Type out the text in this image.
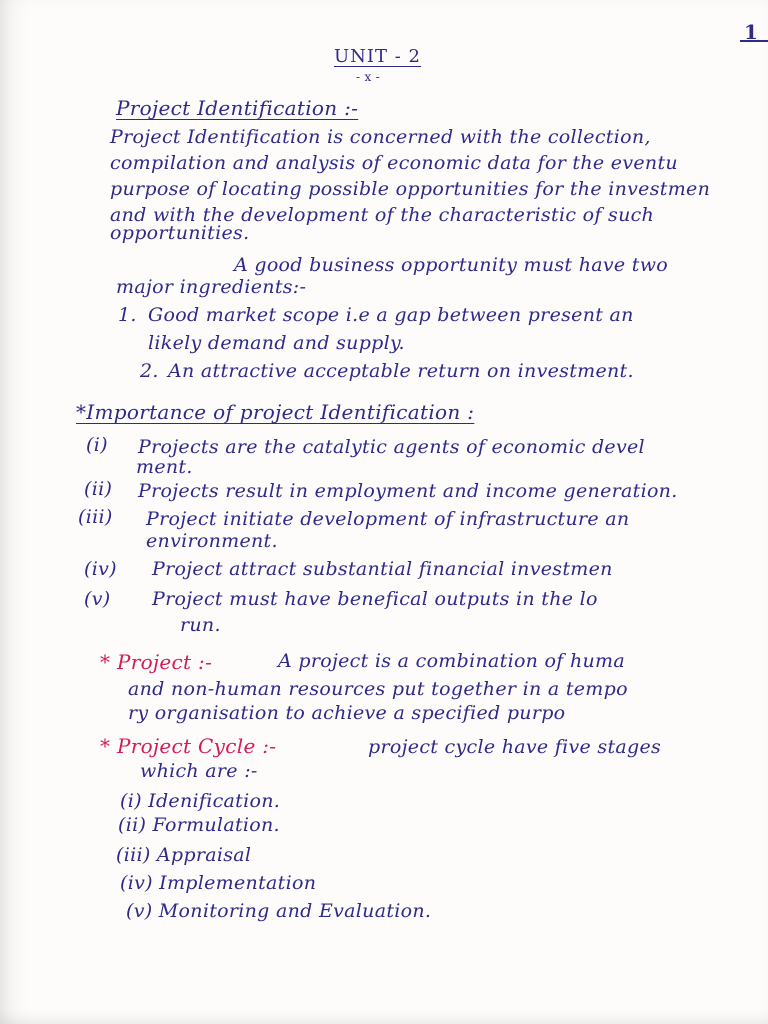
1
UNIT - 2
- x -
Project Identification :-
Project Identification is concerned with the collection,
compilation and analysis of economic data for the eventu
purpose of locating possible opportunities for the investmen
and with the development of the characteristic of such
opportunities.
A good business opportunity must have two
major ingredients:-
1. Good market scope i.e a gap between present an
likely demand and supply.
2. An attractive acceptable return on investment.
*Importance of project Identification :
(i) Projects are the catalytic agents of economic devel
ment.
(ii) Projects result in employment and income generation.
(iii) Project initiate development of infrastructure an
environment.
(iv) Project attract substantial financial investmen
(v) Project must have benefical outputs in the lo
run.
* Project :-	A project is a combination of huma
and non-human resources put together in a tempo
ry organisation to achieve a specified purpo
* Project Cycle :-	project cycle have five stages
which are :-
(i) Idenification.
(ii) Formulation.
(iii) Appraisal
(iv) Implementation
(v) Monitoring and Evaluation.
